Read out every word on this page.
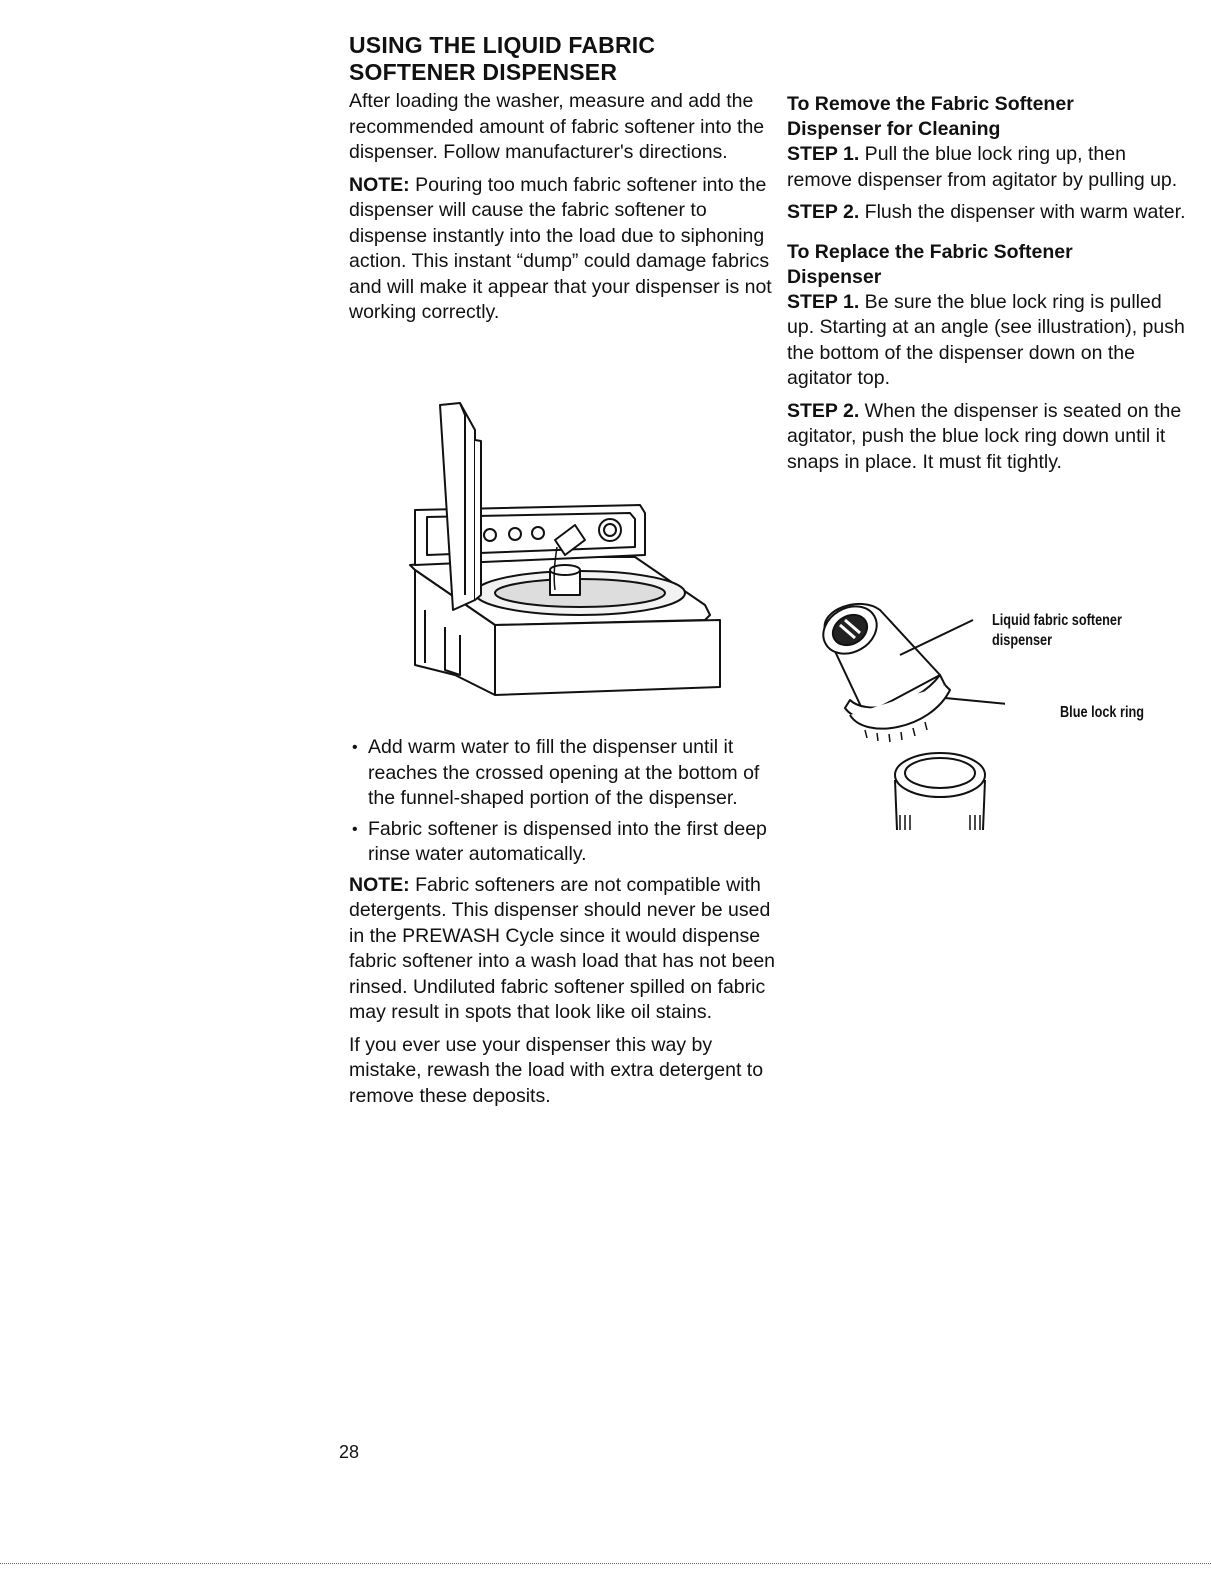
USING THE LIQUID FABRIC
SOFTENER DISPENSER

After loading the washer, measure and add the recommended amount of fabric softener into the dispenser. Follow manufacturer's directions.

NOTE: Pouring too much fabric softener into the dispenser will cause the fabric softener to dispense instantly into the load due to siphoning action. This instant “dump” could damage fabrics and will make it appear that your dispenser is not working correctly.

• Add warm water to fill the dispenser until it reaches the crossed opening at the bottom of the funnel-shaped portion of the dispenser.
• Fabric softener is dispensed into the first deep rinse water automatically.

NOTE: Fabric softeners are not compatible with detergents. This dispenser should never be used in the PREWASH Cycle since it would dispense fabric softener into a wash load that has not been rinsed. Undiluted fabric softener spilled on fabric may result in spots that look like oil stains.

If you ever use your dispenser this way by mistake, rewash the load with extra detergent to remove these deposits.

To Remove the Fabric Softener
Dispenser for Cleaning

STEP 1. Pull the blue lock ring up, then remove dispenser from agitator by pulling up.

STEP 2. Flush the dispenser with warm water.

To Replace the Fabric Softener
Dispenser

STEP 1. Be sure the blue lock ring is pulled up. Starting at an angle (see illustration), push the bottom of the dispenser down on the agitator top.

STEP 2. When the dispenser is seated on the agitator, push the blue lock ring down until it snaps in place. It must fit tightly.

Liquid fabric softener
dispenser
Blue lock ring
28
